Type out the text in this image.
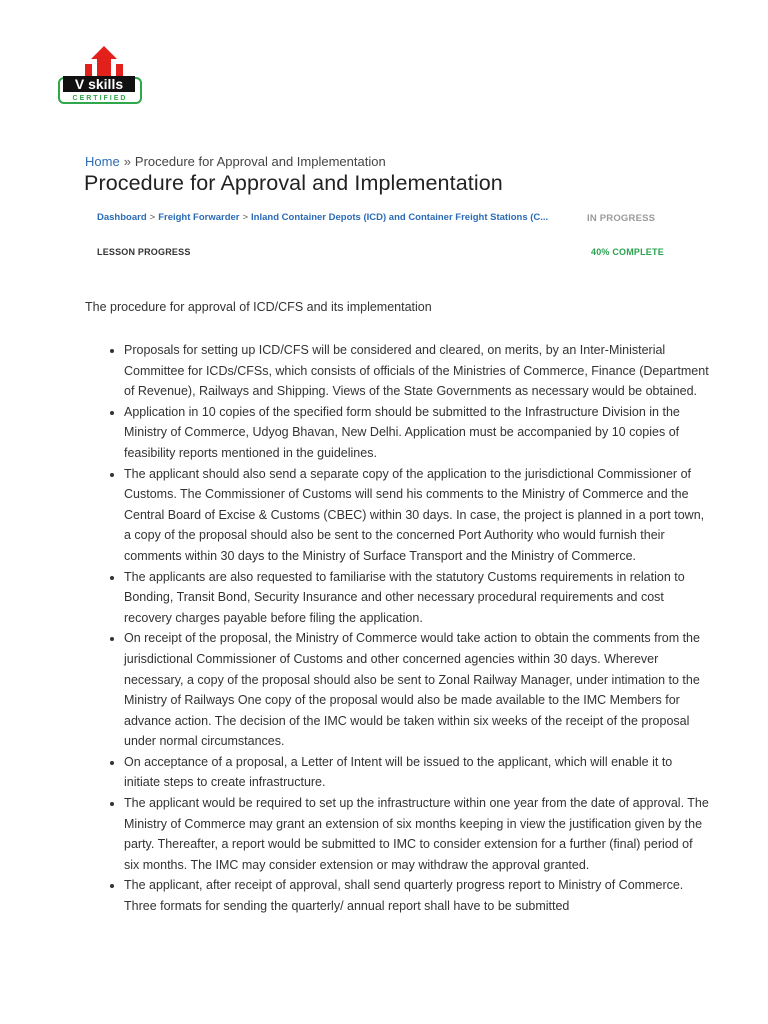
V skills
CERTIFIED
Home » Procedure for Approval and Implementation
Procedure for Approval and Implementation
Dashboard > Freight Forwarder > Inland Container Depots (ICD) and Container Freight Stations (C...	IN PROGRESS
LESSON PROGRESS	40% COMPLETE

The procedure for approval of ICD/CFS and its implementation

• Proposals for setting up ICD/CFS will be considered and cleared, on merits, by an Inter-Ministerial Committee for ICDs/CFSs, which consists of officials of the Ministries of Commerce, Finance (Department of Revenue), Railways and Shipping. Views of the State Governments as necessary would be obtained.
• Application in 10 copies of the specified form should be submitted to the Infrastructure Division in the Ministry of Commerce, Udyog Bhavan, New Delhi. Application must be accompanied by 10 copies of feasibility reports mentioned in the guidelines.
• The applicant should also send a separate copy of the application to the jurisdictional Commissioner of Customs. The Commissioner of Customs will send his comments to the Ministry of Commerce and the Central Board of Excise & Customs (CBEC) within 30 days. In case, the project is planned in a port town, a copy of the proposal should also be sent to the concerned Port Authority who would furnish their comments within 30 days to the Ministry of Surface Transport and the Ministry of Commerce.
• The applicants are also requested to familiarise with the statutory Customs requirements in relation to Bonding, Transit Bond, Security Insurance and other necessary procedural requirements and cost recovery charges payable before filing the application.
• On receipt of the proposal, the Ministry of Commerce would take action to obtain the comments from the jurisdictional Commissioner of Customs and other concerned agencies within 30 days. Wherever necessary, a copy of the proposal should also be sent to Zonal Railway Manager, under intimation to the Ministry of Railways One copy of the proposal would also be made available to the IMC Members for advance action. The decision of the IMC would be taken within six weeks of the receipt of the proposal under normal circumstances.
• On acceptance of a proposal, a Letter of Intent will be issued to the applicant, which will enable it to initiate steps to create infrastructure.
• The applicant would be required to set up the infrastructure within one year from the date of approval. The Ministry of Commerce may grant an extension of six months keeping in view the justification given by the party. Thereafter, a report would be submitted to IMC to consider extension for a further (final) period of six months. The IMC may consider extension or may withdraw the approval granted.
• The applicant, after receipt of approval, shall send quarterly progress report to Ministry of Commerce. Three formats for sending the quarterly/ annual report shall have to be submitted
